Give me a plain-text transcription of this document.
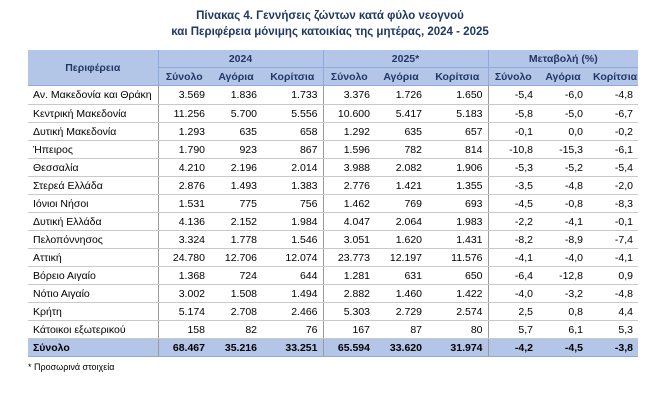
Πίνακας 4. Γεννήσεις ζώντων κατά φύλο νεογνού
και Περιφέρεια μόνιμης κατοικίας της μητέρας, 2024 - 2025
Περιφέρεια	2024			2025*			Μεταβολή (%)		
	Σύνολο	Αγόρια	Κορίτσια	Σύνολο	Αγόρια	Κορίτσια	Σύνολο	Αγόρια	Κορίτσια
Αν. Μακεδονία και Θράκη	3.569	1.836	1.733	3.376	1.726	1.650	-5,4	-6,0	-4,8
Κεντρική Μακεδονία	11.256	5.700	5.556	10.600	5.417	5.183	-5,8	-5,0	-6,7
Δυτική Μακεδονία	1.293	635	658	1.292	635	657	-0,1	0,0	-0,2
Ήπειρος	1.790	923	867	1.596	782	814	-10,8	-15,3	-6,1
Θεσσαλία	4.210	2.196	2.014	3.988	2.082	1.906	-5,3	-5,2	-5,4
Στερεά Ελλάδα	2.876	1.493	1.383	2.776	1.421	1.355	-3,5	-4,8	-2,0
Ιόνιοι Νήσοι	1.531	775	756	1.462	769	693	-4,5	-0,8	-8,3
Δυτική Ελλάδα	4.136	2.152	1.984	4.047	2.064	1.983	-2,2	-4,1	-0,1
Πελοπόννησος	3.324	1.778	1.546	3.051	1.620	1.431	-8,2	-8,9	-7,4
Αττική	24.780	12.706	12.074	23.773	12.197	11.576	-4,1	-4,0	-4,1
Βόρειο Αιγαίο	1.368	724	644	1.281	631	650	-6,4	-12,8	0,9
Νότιο Αιγαίο	3.002	1.508	1.494	2.882	1.460	1.422	-4,0	-3,2	-4,8
Κρήτη	5.174	2.708	2.466	5.303	2.729	2.574	2,5	0,8	4,4
Κάτοικοι εξωτερικού	158	82	76	167	87	80	5,7	6,1	5,3
Σύνολο	68.467	35.216	33.251	65.594	33.620	31.974	-4,2	-4,5	-3,8
* Προσωρινά στοιχεία
